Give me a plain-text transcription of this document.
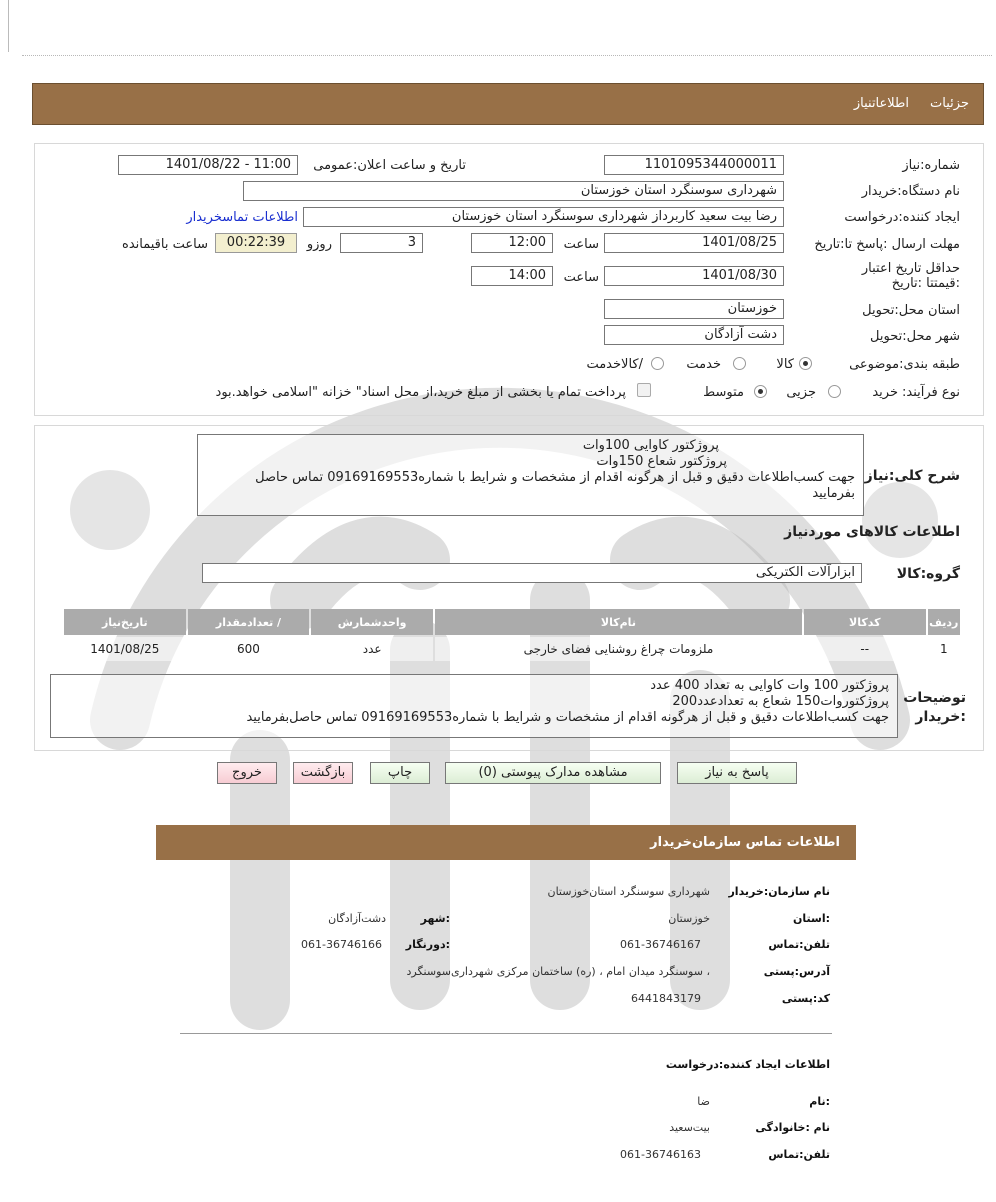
جزئیات
اطلاعاتنیاز
شماره:نیاز
1101095344000011
تاریخ و ساعت اعلان:عمومی
1401/08/22 - 11:00
نام دستگاه:خریدار
شهرداری سوسنگرد استان خوزستان
ایجاد کننده:درخواست
رضا بیت سعید کاربرداز شهرداری سوسنگرد استان خوزستان
اطلاعات تماسخریدار
مهلت ارسال :پاسخ تا:تاریخ
1401/08/25
ساعت
12:00
3
روزو
00:22:39
ساعت باقیمانده
حداقل تاریخ اعتبار :قیمتتا :تاریخ
1401/08/30
ساعت
14:00
استان محل:تحویل
خوزستان
شهر محل:تحویل
دشت آزادگان
طبقه بندی:موضوعی
کالا
خدمت
/کالاخدمت
نوع فرآیند:
خرید
جزیی
متوسط
پرداخت تمام یا بخشی از مبلغ خرید،از محل اسناد" خزانه "اسلامی خواهد.بود
شرح کلی:نیاز
پروژکتور کاوایی 100وات
پروژکتور شعاع 150وات
جهت کسب‌اطلاعات دقیق و قبل از هرگونه اقدام از مشخصات و شرایط با شماره09169169553 تماس حاصل
بفرمایید
اطلاعات کالاهای موردنیاز
گروه:کالا
ابزارآلات الکتریکی
ردیف	کدکالا	نام‌کالا	واحدشمارش	/ تعداد‌مقدار	تاریخ‌نیاز
1	--	ملزومات چراغ روشنایی فضای خارجی	عدد	600	1401/08/25
توضیحات
:خریدار
پروژکتور 100 وات کاوایی به تعداد 400 عدد
پروژکتوروات150 شعاع به تعداد‌عدد200
جهت کسب‌اطلاعات دقیق و قبل از هرگونه اقدام از مشخصات و شرایط با شماره09169169553 تماس حاصل‌بفرمایید
پاسخ به نیاز
مشاهده مدارک پیوستی (0)
چاپ
بازگشت
خروج
اطلاعات تماس سازمان‌خریدار
نام سازمان:خریدار
شهرداری سوسنگرد استان‌خوزستان
:استان
خوزستان
:شهر
دشت‌آزادگان
تلفن:تماس
061-36746167
:دورنگار
061-36746166
آدرس:پستی
، سوسنگرد میدان امام ، (ره) ساختمان مرکزی شهرداری‌سوسنگرد
کد:پستی
6441843179
اطلاعات ایجاد کننده:درخواست
:نام
ضا
نام :خانوادگی
بیت‌سعید
تلفن:تماس
061-36746163
